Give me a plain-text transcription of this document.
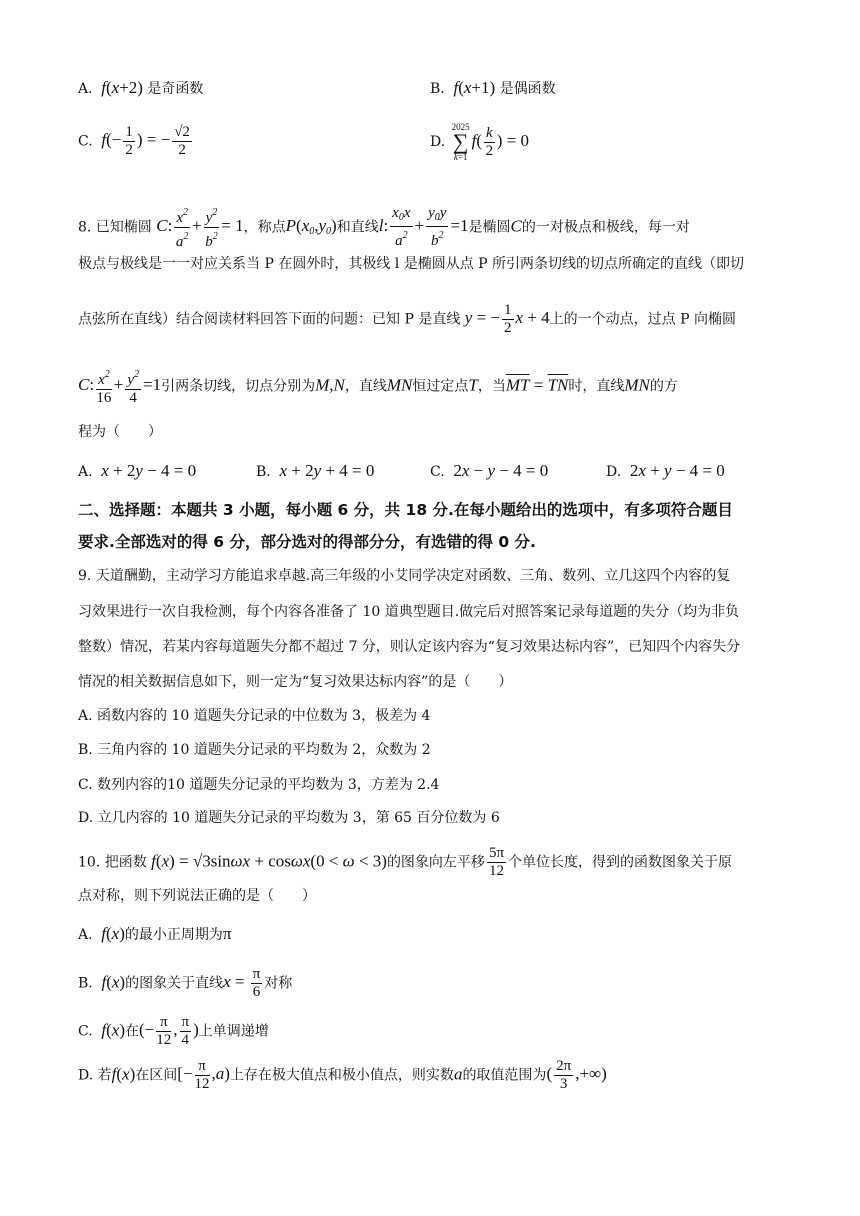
A.  f(x+2) 是奇函数	B.  f(x+1) 是偶函数
C.  $f(- \frac{1}{2}$ ) = − $\frac{√2}{2}$	D. 2025
∑
$k=1f( \frac{k}{2}$ ) = 0
8. 已知椭圆 C: $\frac{x^2}{a^2} + \frac{y^2}{b^2} = 1$，称点$P(x_0,y_0)$和直线l: $\frac{x_0x}{a^2} + \frac{y_0y}{b^2} =1$是椭圆C的一对极点和极线，每一对
极点与极线是一一对应关系当 P 在圆外时，其极线 l 是椭圆从点 P 所引两条切线的切点所确定的直线（即切
点弦所在直线）结合阅读材料回答下面的问题：已知 P 是直线 y = − $\frac{1}{2}$ x + 4上的一个动点，过点 P 向椭圆
C: $\frac{x^2}{16} + \frac{y^2}{4} =1$引两条切线，切点分别为M,N，直线MN恒过定点T，当$\overline{MT} = \overline{TN}$时，直线MN的方
程为（　　）
A.  x + 2y − 4 = 0	B.  x + 2y + 4 = 0	C. 2x − y − 4 = 0	D. 2x + y − 4 = 0
二、选择题：本题共 3 小题，每小题 6 分，共 18 分.在每小题给出的选项中，有多项符合题目
要求.全部选对的得 6 分，部分选对的得部分分，有选错的得 0 分.
9. 天道酬勤，主动学习方能追求卓越.高三年级的小艾同学决定对函数、三角、数列、立几这四个内容的复
习效果进行一次自我检测，每个内容各准备了 10 道典型题目.做完后对照答案记录每道题的失分（均为非负
整数）情况，若某内容每道题失分都不超过 7 分，则认定该内容为“复习效果达标内容”，已知四个内容失分
情况的相关数据信息如下，则一定为“复习效果达标内容”的是（　　）
A. 函数内容的 10 道题失分记录的中位数为 3，极差为 4
B. 三角内容的 10 道题失分记录的平均数为 2，众数为 2
C. 数列内容的10 道题失分记录的平均数为 3，方差为 2.4
D. 立几内容的 10 道题失分记录的平均数为 3，第 65 百分位数为 6
10. 把函数 f(x) = √3sinωx + cosωx(0 < ω < 3)的图象向左平移 $\frac{5\pi}{12}$ 个单位长度，得到的函数图象关于原
点对称，则下列说法正确的是（　　）
A.  f(x)的最小正周期为π
B.  f(x)的图象关于直线$x = \frac{\pi}{6}$ 对称
C.  f(x)在(− $\frac{\pi}{12}$ , $\frac{\pi}{4}$ )上单调递增
D. 若f(x)在区间[− $\frac{\pi}{12} ,a$)上存在极大值点和极小值点，则实数a的取值范围为( $\frac{2\pi}{3}$ ,+∞)
